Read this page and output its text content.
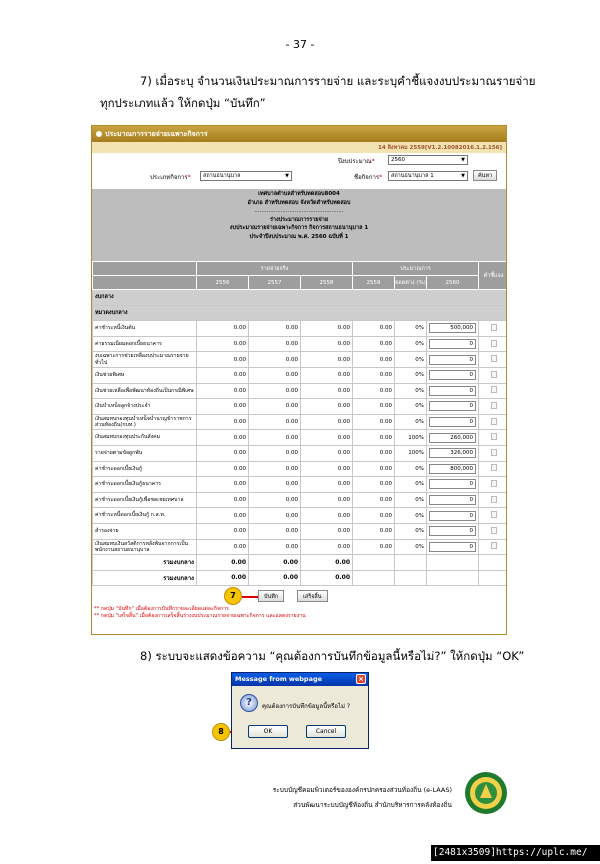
- 37 -
7) เมื่อระบุ จำนวนเงินประมาณการรายจ่าย และระบุคำชี้แจงงบประมาณรายจ่าย
ทุกประเภทแล้ว ให้กดปุ่ม “บันทึก”
ประมาณการรายจ่ายเฉพาะกิจการ
14 สิงหาคม 2559[V1.2.10082016.1.2.156]
ปีงบประมาณ*	2560	▼
ประเภทกิจการ* สถานธนานุบาล	▼	ชื่อกิจการ* สถานธนานุบาล 1	▼	ค้นหา
เทศบาลตำบลสำหรับทดสอบ8004
อำเภอ สำหรับทดสอบ จังหวัดสำหรับทดสอบ
...................................................
ร่างประมาณการรายจ่าย
งบประมาณรายจ่ายเฉพาะกิจการ กิจการสถานธนานุบาล 1
ประจำปีงบประมาณ พ.ศ. 2560 ฉบับที่ 1
	รายจ่ายจริง			ประมาณการ			คำชี้แจง
	2556	2557	2558	2559	ยอดต่าง (%)	2560	
งบกลาง							
หมวดงบกลาง							
ค่าชำระหนี้เงินต้น	0.00	0.00	0.00	0.00	0%	500,000	

ค่าธรรมเนียมดอกเบี้ยธนาคาร	0.00	0.00	0.00	0.00	0%	0	

งบเฉพาะการช่วยเหลืองบประมาณรายจ่ายทั่วไป	0.00	0.00	0.00	0.00	0%	0	

เงินช่วยพิเศษ	0.00	0.00	0.00	0.00	0%	0	

เงินช่วยเหลือเพื่อพัฒนาท้องถิ่นเป็นกรณีพิเศษ	0.00	0.00	0.00	0.00	0%	0	

เงินบำเหน็จลูกจ้างประจำ	0.00	0.00	0.00	0.00	0%	0	

เงินสมทบกองทุนบำเหน็จบำนาญข้าราชการส่วนท้องถิ่น(กบท.)	0.00	0.00	0.00	0.00	0%	0	

เงินสมทบกองทุนประกันสังคม	0.00	0.00	0.00	0.00	100%	260,000	

รายจ่ายตามข้อผูกพัน	0.00	0.00	0.00	0.00	100%	326,000	

ค่าชำระดอกเบี้ยเงินกู้	0.00	0.00	0.00	0.00	0%	800,000	

ค่าชำระดอกเบี้ยเงินกู้ธนาคาร	0.00	0.00	0.00	0.00	0%	0	

ค่าชำระดอกเบี้ยเงินกู้เพื่อชดเชยเทศบาล	0.00	0.00	0.00	0.00	0%	0	

ค่าชำระหนี้ดอกเบี้ยเงินกู้ ก.ส.ท.	0.00	0.00	0.00	0.00	0%	0	

สำรองจ่าย	0.00	0.00	0.00	0.00	0%	0	

เงินสมทบเงินสวัสดิการหลังพ้นจากการเป็นพนักงานสถานธนานุบาล	0.00	0.00	0.00	0.00	0%	0	

รวมงบกลาง	0.00	0.00	0.00				
รวมงบกลาง	0.00	0.00	0.00				
7	บันทึก	เสร็จสิ้น
** กดปุ่ม "บันทึก" เมื่อต้องการบันทึกรายละเอียดแต่ละกิจการ
** กดปุ่ม "เสร็จสิ้น" เมื่อต้องการเสร็จสิ้นร่างงบประมาณรายจ่ายเฉพาะกิจการ และแสดงรายงาน
8) ระบบจะแสดงข้อความ “คุณต้องการบันทึกข้อมูลนี้หรือไม่?” ให้กดปุ่ม “OK”
8
Message from webpage	×
?	คุณต้องการบันทึกข้อมูลนี้หรือไม่ ?
OK	Cancel
ระบบบัญชีคอมพิวเตอร์ขององค์กรปกครองส่วนท้องถิ่น (e-LAAS)
ส่วนพัฒนาระบบบัญชีท้องถิ่น สำนักบริหารการคลังท้องถิ่น
[2481x3509]https://uplc.me/
